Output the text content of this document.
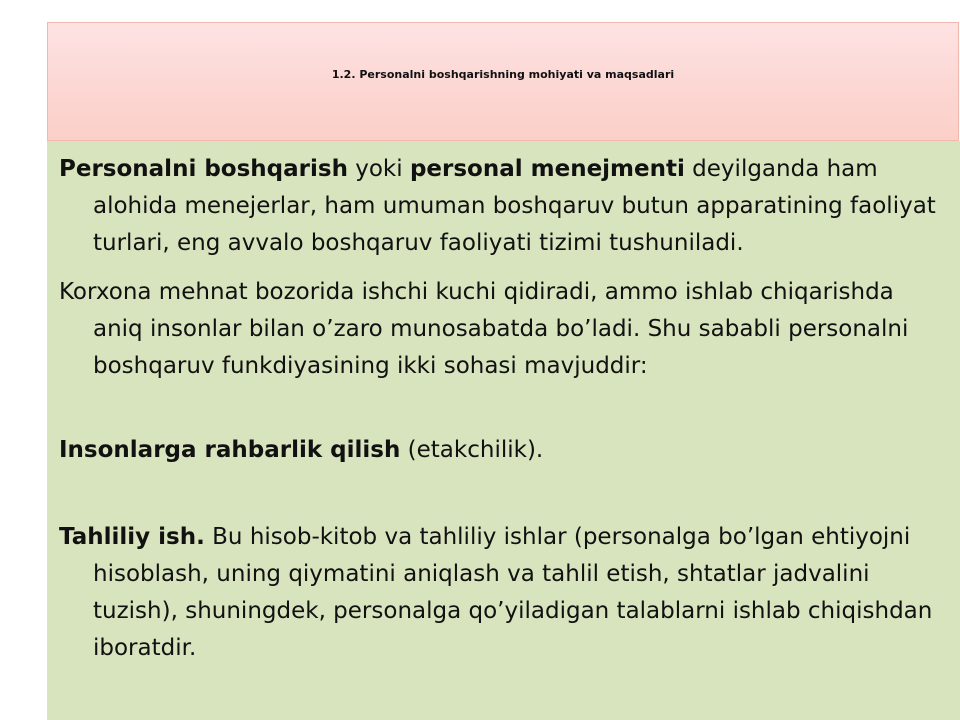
1.2. Personalni boshqarishning mohiyati va maqsadlari
Personalni boshqarish yoki personal menejmenti deyilganda ham alohida menejerlar, ham umuman boshqaruv butun apparatining faoliyat turlari, eng avvalo boshqaruv faoliyati tizimi tushuniladi.
Korxona mehnat bozorida ishchi kuchi qidiradi, ammo ishlab chiqarishda aniq insonlar bilan o’zaro munosabatda bo’ladi. Shu sababli personalni boshqaruv funkdiyasining ikki sohasi mavjuddir:
Insonlarga rahbarlik qilish (etakchilik).
Tahliliy ish. Bu hisob-kitob va tahliliy ishlar (personalga bo’lgan ehtiyojni hisoblash, uning qiymatini aniqlash va tahlil etish, shtatlar jadvalini tuzish), shuningdek, personalga qo’yiladigan talablarni ishlab chiqishdan iboratdir.
